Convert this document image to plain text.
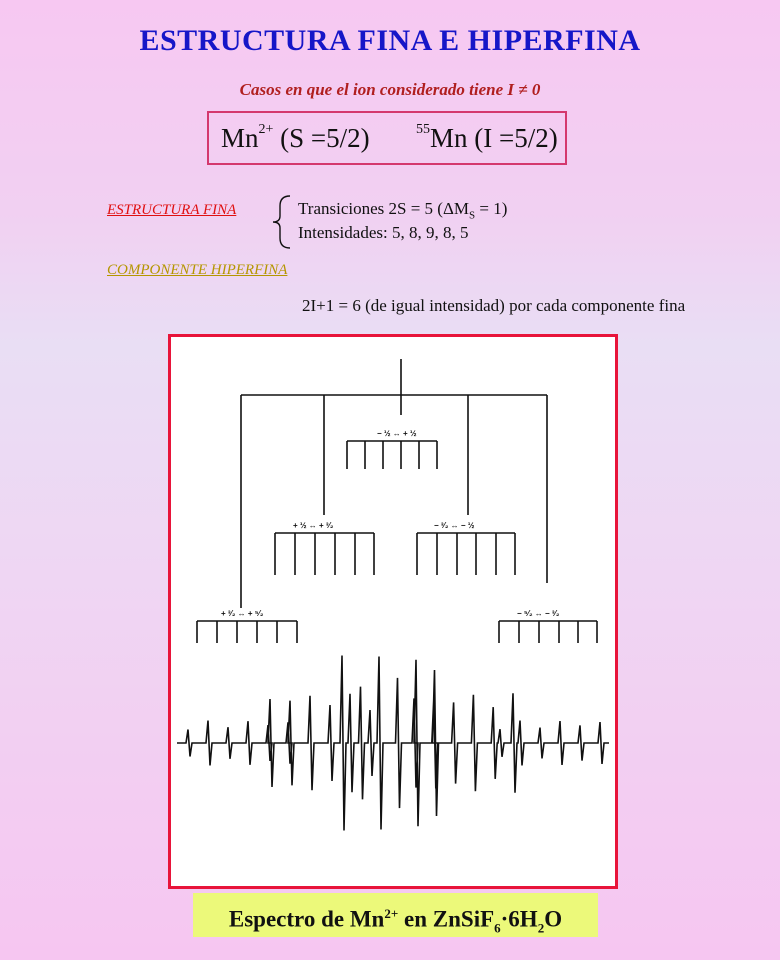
ESTRUCTURA FINA E HIPERFINA
Casos en que el ion considerado tiene I ≠ 0
$Mn^{2+}$ (S =5/2)	$^{55}$Mn (I =5/2)
ESTRUCTURA FINA	Transiciones 2S = 5 $(\Delta M_S = 1)$
Intensidades: 5, 8, 9, 8, 5
COMPONENTE HIPERFINA
2I+1 = 6 (de igual intensidad) por cada componente fina
− ½ ↔ + ½
+ ½ ↔ + ³⁄₂	− ³⁄₂ ↔ − ½
+ ³⁄₂ ↔ + ⁵⁄₂	− ⁵⁄₂ ↔ − ³⁄₂
Espectro de $Mn^{2+}$ en $ZnSiF_6\cdot 6H_2O$
